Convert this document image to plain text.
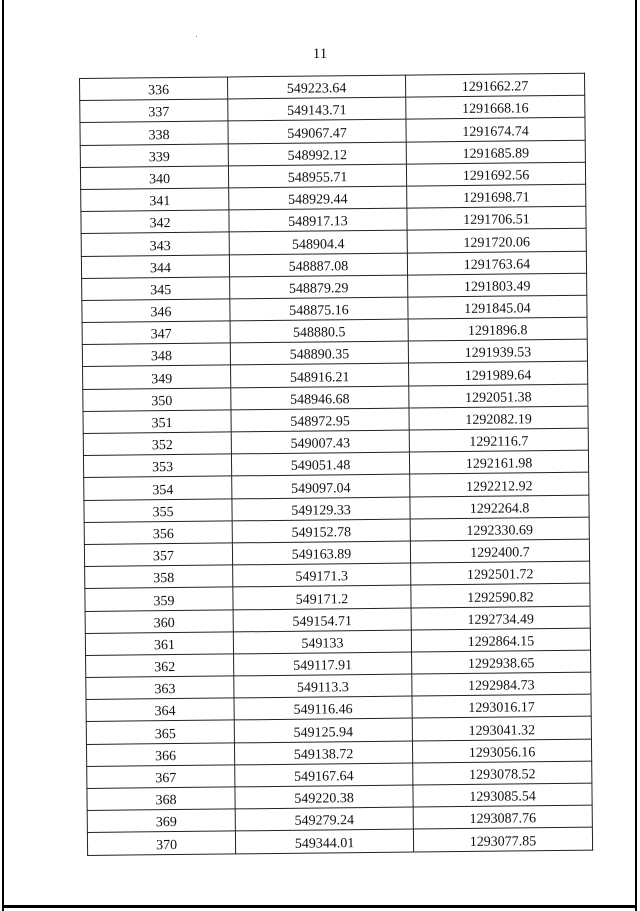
11
336	549223.64	1291662.27
337	549143.71	1291668.16
338	549067.47	1291674.74
339	548992.12	1291685.89
340	548955.71	1291692.56
341	548929.44	1291698.71
342	548917.13	1291706.51
343	548904.4	1291720.06
344	548887.08	1291763.64
345	548879.29	1291803.49
346	548875.16	1291845.04
347	548880.5	1291896.8
348	548890.35	1291939.53
349	548916.21	1291989.64
350	548946.68	1292051.38
351	548972.95	1292082.19
352	549007.43	1292116.7
353	549051.48	1292161.98
354	549097.04	1292212.92
355	549129.33	1292264.8
356	549152.78	1292330.69
357	549163.89	1292400.7
358	549171.3	1292501.72
359	549171.2	1292590.82
360	549154.71	1292734.49
361	549133	1292864.15
362	549117.91	1292938.65
363	549113.3	1292984.73
364	549116.46	1293016.17
365	549125.94	1293041.32
366	549138.72	1293056.16
367	549167.64	1293078.52
368	549220.38	1293085.54
369	549279.24	1293087.76
370	549344.01	1293077.85
